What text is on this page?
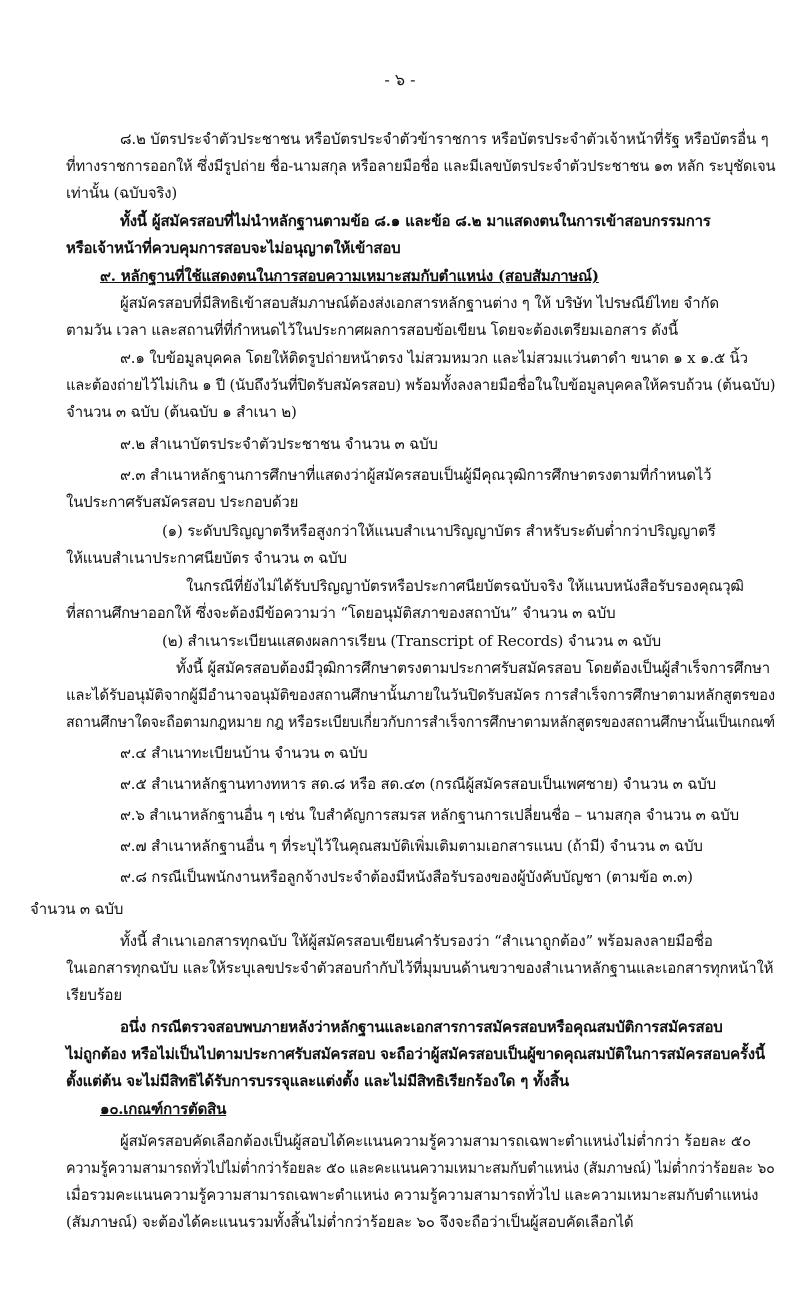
- ๖ -
๘.๒ บัตรประจำตัวประชาชน หรือบัตรประจำตัวข้าราชการ หรือบัตรประจำตัวเจ้าหน้าที่รัฐ หรือบัตรอื่น ๆ
ที่ทางราชการออกให้ ซึ่งมีรูปถ่าย ชื่อ-นามสกุล หรือลายมือชื่อ และมีเลขบัตรประจำตัวประชาชน ๑๓ หลัก ระบุชัดเจน
เท่านั้น (ฉบับจริง)
ทั้งนี้ ผู้สมัครสอบที่ไม่นำหลักฐานตามข้อ ๘.๑ และข้อ ๘.๒ มาแสดงตนในการเข้าสอบกรรมการ
หรือเจ้าหน้าที่ควบคุมการสอบจะไม่อนุญาตให้เข้าสอบ
๙. หลักฐานที่ใช้แสดงตนในการสอบความเหมาะสมกับตำแหน่ง (สอบสัมภาษณ์)
ผู้สมัครสอบที่มีสิทธิเข้าสอบสัมภาษณ์ต้องส่งเอกสารหลักฐานต่าง ๆ ให้ บริษัท ไปรษณีย์ไทย จำกัด
ตามวัน เวลา และสถานที่ที่กำหนดไว้ในประกาศผลการสอบข้อเขียน โดยจะต้องเตรียมเอกสาร ดังนี้
๙.๑ ใบข้อมูลบุคคล โดยให้ติดรูปถ่ายหน้าตรง ไม่สวมหมวก และไม่สวมแว่นตาดำ ขนาด ๑ x ๑.๕ นิ้ว
และต้องถ่ายไว้ไม่เกิน ๑ ปี (นับถึงวันที่ปิดรับสมัครสอบ) พร้อมทั้งลงลายมือชื่อในใบข้อมูลบุคคลให้ครบถ้วน (ต้นฉบับ)
จำนวน ๓ ฉบับ (ต้นฉบับ ๑ สำเนา ๒)
๙.๒ สำเนาบัตรประจำตัวประชาชน จำนวน ๓ ฉบับ
๙.๓ สำเนาหลักฐานการศึกษาที่แสดงว่าผู้สมัครสอบเป็นผู้มีคุณวุฒิการศึกษาตรงตามที่กำหนดไว้
ในประกาศรับสมัครสอบ ประกอบด้วย
(๑) ระดับปริญญาตรีหรือสูงกว่าให้แนบสำเนาปริญญาบัตร สำหรับระดับต่ำกว่าปริญญาตรี
ให้แนบสำเนาประกาศนียบัตร จำนวน ๓ ฉบับ
ในกรณีที่ยังไม่ได้รับปริญญาบัตรหรือประกาศนียบัตรฉบับจริง ให้แนบหนังสือรับรองคุณวุฒิ
ที่สถานศึกษาออกให้ ซึ่งจะต้องมีข้อความว่า “โดยอนุมัติสภาของสถาบัน” จำนวน ๓ ฉบับ
(๒) สำเนาระเบียนแสดงผลการเรียน (Transcript of Records) จำนวน ๓ ฉบับ
ทั้งนี้ ผู้สมัครสอบต้องมีวุฒิการศึกษาตรงตามประกาศรับสมัครสอบ โดยต้องเป็นผู้สำเร็จการศึกษา
และได้รับอนุมัติจากผู้มีอำนาจอนุมัติของสถานศึกษานั้นภายในวันปิดรับสมัคร การสำเร็จการศึกษาตามหลักสูตรของ
สถานศึกษาใดจะถือตามกฎหมาย กฎ หรือระเบียบเกี่ยวกับการสำเร็จการศึกษาตามหลักสูตรของสถานศึกษานั้นเป็นเกณฑ์
๙.๔ สำเนาทะเบียนบ้าน จำนวน ๓ ฉบับ
๙.๕ สำเนาหลักฐานทางทหาร สด.๘ หรือ สด.๔๓ (กรณีผู้สมัครสอบเป็นเพศชาย) จำนวน ๓ ฉบับ
๙.๖ สำเนาหลักฐานอื่น ๆ เช่น ใบสำคัญการสมรส หลักฐานการเปลี่ยนชื่อ – นามสกุล จำนวน ๓ ฉบับ
๙.๗ สำเนาหลักฐานอื่น ๆ ที่ระบุไว้ในคุณสมบัติเพิ่มเติมตามเอกสารแนบ (ถ้ามี) จำนวน ๓ ฉบับ
๙.๘ กรณีเป็นพนักงานหรือลูกจ้างประจำต้องมีหนังสือรับรองของผู้บังคับบัญชา (ตามข้อ ๓.๓)
จำนวน ๓ ฉบับ
ทั้งนี้ สำเนาเอกสารทุกฉบับ ให้ผู้สมัครสอบเขียนคำรับรองว่า “สำเนาถูกต้อง” พร้อมลงลายมือชื่อ
ในเอกสารทุกฉบับ และให้ระบุเลขประจำตัวสอบกำกับไว้ที่มุมบนด้านขวาของสำเนาหลักฐานและเอกสารทุกหน้าให้
เรียบร้อย
อนึ่ง กรณีตรวจสอบพบภายหลังว่าหลักฐานและเอกสารการสมัครสอบหรือคุณสมบัติการสมัครสอบ
ไม่ถูกต้อง หรือไม่เป็นไปตามประกาศรับสมัครสอบ จะถือว่าผู้สมัครสอบเป็นผู้ขาดคุณสมบัติในการสมัครสอบครั้งนี้
ตั้งแต่ต้น จะไม่มีสิทธิได้รับการบรรจุและแต่งตั้ง และไม่มีสิทธิเรียกร้องใด ๆ ทั้งสิ้น
๑๐.เกณฑ์การตัดสิน
ผู้สมัครสอบคัดเลือกต้องเป็นผู้สอบได้คะแนนความรู้ความสามารถเฉพาะตำแหน่งไม่ต่ำกว่า ร้อยละ ๕๐
ความรู้ความสามารถทั่วไปไม่ต่ำกว่าร้อยละ ๕๐ และคะแนนความเหมาะสมกับตำแหน่ง (สัมภาษณ์) ไม่ต่ำกว่าร้อยละ ๖๐
เมื่อรวมคะแนนความรู้ความสามารถเฉพาะตำแหน่ง ความรู้ความสามารถทั่วไป และความเหมาะสมกับตำแหน่ง
(สัมภาษณ์) จะต้องได้คะแนนรวมทั้งสิ้นไม่ต่ำกว่าร้อยละ ๖๐ จึงจะถือว่าเป็นผู้สอบคัดเลือกได้
